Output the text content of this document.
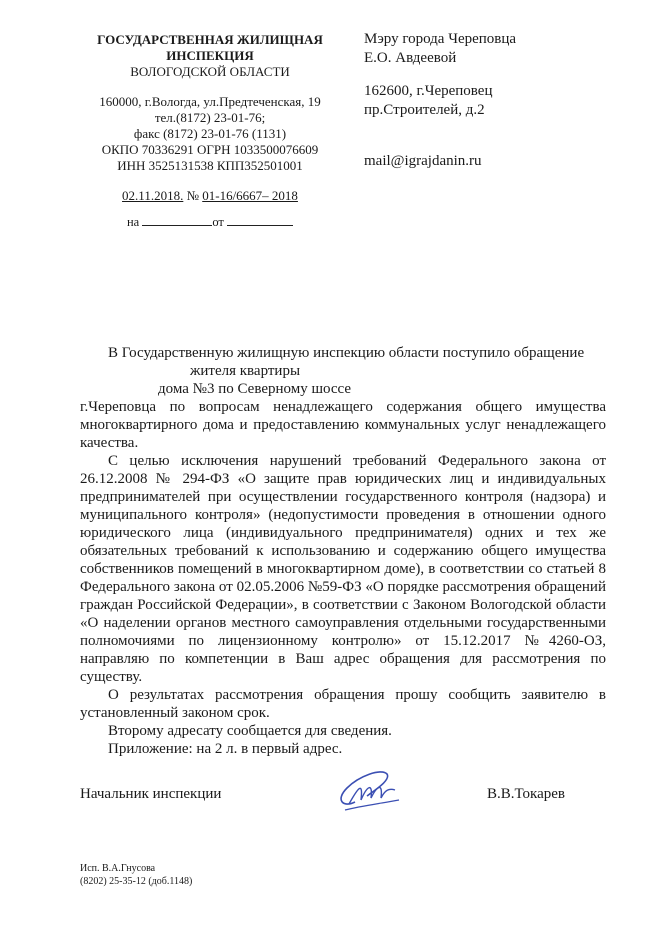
ГОСУДАРСТВЕННАЯ ЖИЛИЩНАЯ
ИНСПЕКЦИЯ
ВОЛОГОДСКОЙ ОБЛАСТИ
160000, г.Вологда, ул.Предтеченская, 19
тел.(8172) 23-01-76;
факс (8172) 23-01-76 (1131)
ОКПО 70336291 ОГРН 1033500076609
ИНН 3525131538 КПП352501001
02.11.2018. № 01-16/6667– 2018
на	от
Мэру города Череповца
Е.О. Авдеевой
162600, г.Череповец
пр.Строителей, д.2
mail@igrajdanin.ru

В Государственную жилищную инспекцию области поступило обращение
жителя квартирыдома №3 по Северному шоссе
г.Череповца по вопросам ненадлежащего содержания общего имущества многоквартирного дома и предоставлению коммунальных услуг ненадлежащего качества.

С целью исключения нарушений требований Федерального закона от 26.12.2008 № 294-ФЗ «О защите прав юридических лиц и индивидуальных предпринимателей при осуществлении государственного контроля (надзора) и муниципального контроля» (недопустимости проведения в отношении одного юридического лица (индивидуального предпринимателя) одних и тех же обязательных требований к использованию и содержанию общего имущества собственников помещений в многоквартирном доме), в соответствии со статьей 8 Федерального закона от 02.05.2006 №59-ФЗ «О порядке рассмотрения обращений граждан Российской Федерации», в соответствии с Законом Вологодской области «О наделении органов местного самоуправления отдельными государственными полномочиями по лицензионному контролю» от 15.12.2017 №4260-ОЗ, направляю по компетенции в Ваш адрес обращения для рассмотрения по существу.

О результатах рассмотрения обращения прошу сообщить заявителю в установленный законом срок.

Второму адресату сообщается для сведения.

Приложение: на 2 л. в первый адрес.

Начальник инспекции	В.В.Токарев
Исп. В.А.Гнусова
(8202) 25-35-12 (доб.1148)
